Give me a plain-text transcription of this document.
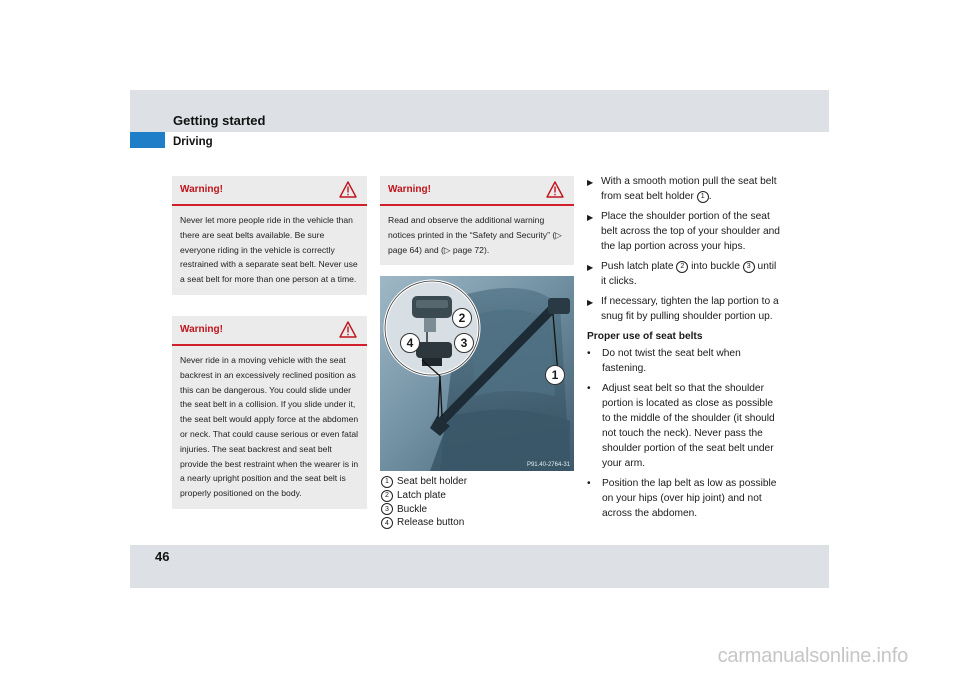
Getting started
Driving
Warning!
Never let more people ride in the vehicle than there are seat belts available. Be sure everyone riding in the vehicle is correctly restrained with a separate seat belt. Never use a seat belt for more than one person at a time.
Warning!
Never ride in a moving vehicle with the seat backrest in an excessively reclined position as this can be dangerous. You could slide under the seat belt in a collision. If you slide under it, the seat belt would apply force at the abdomen or neck. That could cause serious or even fatal injuries. The seat backrest and seat belt provide the best restraint when the wearer is in a nearly upright position and the seat belt is properly positioned on the body.
Warning!
Read and observe the additional warning notices printed in the “Safety and Security” (▷ page 64) and (▷ page 72).
2
4	3
1
P91.40-2764-31
1 Seat belt holder
2 Latch plate
3 Buckle
4 Release button
▶ With a smooth motion pull the seat belt from seat belt holder 1 .
▶ Place the shoulder portion of the seat belt across the top of your shoulder and the lap portion across your hips.
▶ Push latch plate 2 into buckle 3 until it clicks.
▶ If necessary, tighten the lap portion to a snug fit by pulling shoulder portion up.
Proper use of seat belts
•	Do not twist the seat belt when fastening.
•	Adjust seat belt so that the shoulder portion is located as close as possible to the middle of the shoulder (it should not touch the neck). Never pass the shoulder portion of the seat belt under your arm.
•	Position the lap belt as low as possible on your hips (over hip joint) and not across the abdomen.
46
carmanualsonline.info
